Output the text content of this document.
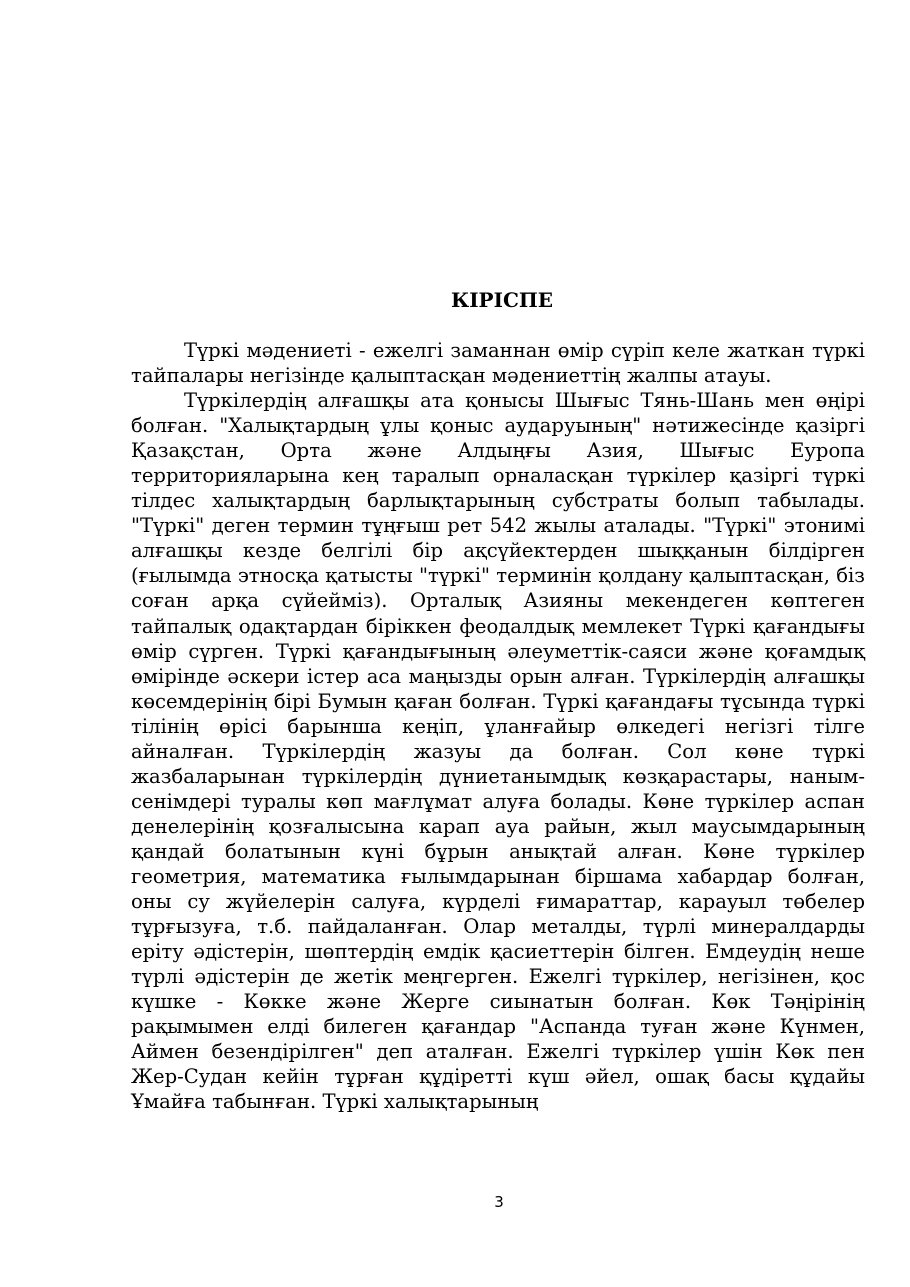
КІРІСПЕ

Түркі мәдениеті - ежелгі заманнан өмір сүріп келе жаткан түркі тайпалары негізінде қалыптасқан мәдениеттің жалпы атауы.

Түркілердің алғашқы ата қонысы Шығыс Тянь-Шань мен өңірі болған. "Халықтардың ұлы қоныс аударуының" нәтижесінде қазіргі Қазақстан, Орта және Алдыңғы Азия, Шығыс Еуропа территорияларына кең таралып орналасқан түркілер қазіргі түркі тілдес халықтардың барлықтарының субстраты болып табылады. "Түркі" деген термин тұңғыш рет 542 жылы аталады. "Түркі" этонимі алғашқы кезде белгілі бір ақсүйектерден шыққанын білдірген (ғылымда этносқа қатысты "түркі" терминін қолдану қалыптасқан, біз соған арқа сүйейміз). Орталық Азияны мекендеген көптеген тайпалық одақтардан біріккен феодалдық мемлекет Түркі қағандығы өмір сүрген. Түркі қағандығының әлеуметтік-саяси және қоғамдық өмірінде әскери істер аса маңызды орын алған. Түркілердің алғашқы көсемдерінің бірі Бумын қаған болған. Түркі қағандағы тұсында түркі тілінің өрісі барынша кеңіп, ұланғайыр өлкедегі негізгі тілге айналған. Түркілердің жазуы да болған. Сол көне түркі жазбаларынан түркілердің дүниетанымдық көзқарастары, наным-сенімдері туралы көп мағлұмат алуға болады. Көне түркілер аспан денелерінің қозғалысына карап ауа райын, жыл маусымдарының қандай болатынын күні бұрын анықтай алған. Көне түркілер геометрия, математика ғылымдарынан біршама хабардар болған, оны су жүйелерін салуға, күрделі ғимараттар, карауыл төбелер тұрғызуға, т.б. пайдаланған. Олар металды, түрлі минералдарды еріту әдістерін, шөптердің емдік қасиеттерін білген. Емдеудің неше түрлі әдістерін де жетік меңгерген. Ежелгі түркілер, негізінен, қос күшке - Көкке және Жерге сиынатын болған. Көк Тәңірінің рақымымен елді билеген қағандар "Аспанда туған және Күнмен, Аймен безендірілген" деп аталған. Ежелгі түркілер үшін Көк пен Жер-Судан кейін тұрған құдіретті күш әйел, ошақ басы құдайы Ұмайға табынған. Түркі халықтарының

3
